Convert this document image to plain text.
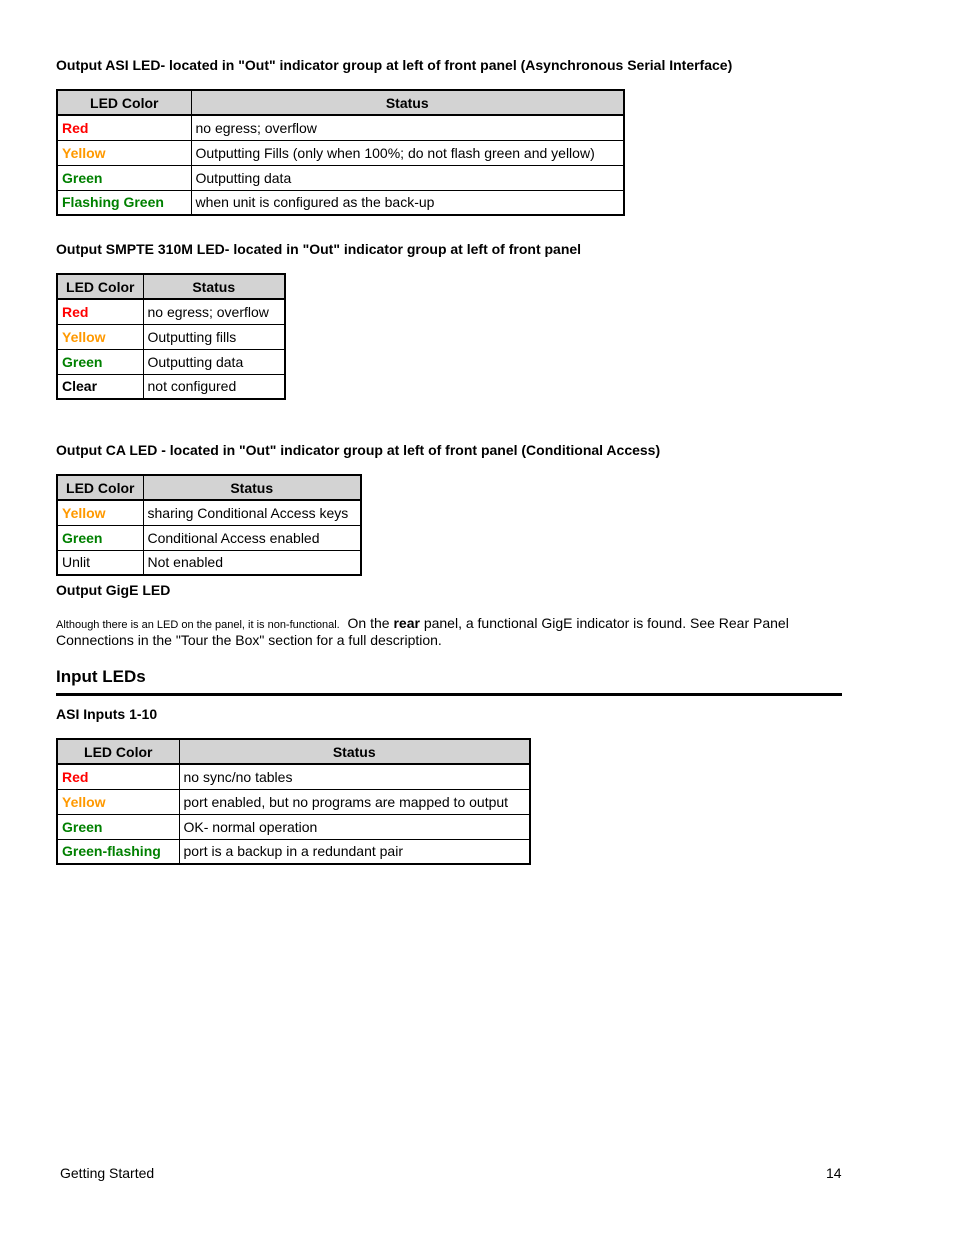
Output ASI LED- located in "Out" indicator group at left of front panel (Asynchronous Serial Interface)
LED Color	Status
Red	no egress; overflow
Yellow	Outputting Fills (only when 100%; do not flash green and yellow)
Green	Outputting data
Flashing Green	when unit is configured as the back-up
Output SMPTE 310M LED- located in "Out" indicator group at left of front panel
LED Color	Status
Red	no egress; overflow
Yellow	Outputting fills
Green	Outputting data
Clear	not configured
Output CA LED - located in "Out" indicator group at left of front panel (Conditional Access)
LED Color	Status
Yellow	sharing Conditional Access keys
Green	Conditional Access enabled
Unlit	Not enabled
Output GigE LED
Although there is an LED on the panel, it is non-functional. On the rear panel, a functional GigE indicator is found. See Rear Panel
Connections in the "Tour the Box" section for a full description.
Input LEDs
ASI Inputs 1-10
LED Color	Status
Red	no sync/no tables
Yellow	port enabled, but no programs are mapped to output
Green	OK- normal operation
Green-flashing	port is a backup in a redundant pair
Getting Started	14
